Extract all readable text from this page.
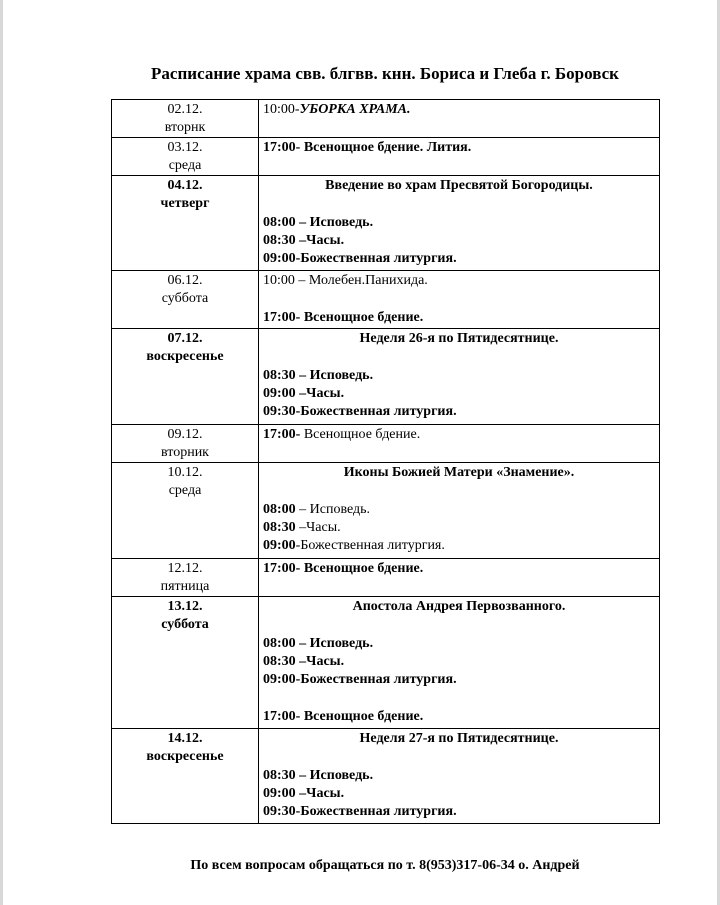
Расписание храма свв. блгвв. кнн. Бориса и Глеба г. Боровск
02.12.
вторнк	10:00-УБОРКА ХРАМА.

03.12.
среда	17:00- Всенощное бдение. Лития.

04.12.
четверг	Введение во храм Пресвятой Богородицы.
08:00 – Исповедь.
08:30 –Часы.
09:00-Божественная литургия.

06.12.
суббота	10:00 – Молебен.Панихида.
17:00- Всенощное бдение.

07.12.
воскресенье	Неделя 26-я по Пятидесятнице.
08:30 – Исповедь.
09:00 –Часы.
09:30-Божественная литургия.

09.12.
вторник	17:00- Всенощное бдение.

10.12.
среда	Иконы Божией Матери «Знамение».
08:00 – Исповедь.
08:30 –Часы.
09:00-Божественная литургия.

12.12.
пятница	17:00- Всенощное бдение.

13.12.
суббота	Апостола Андрея Первозванного.
08:00 – Исповедь.
08:30 –Часы.
09:00-Божественная литургия.
17:00- Всенощное бдение.

14.12.
воскресенье	Неделя 27-я по Пятидесятнице.
08:30 – Исповедь.
09:00 –Часы.
09:30-Божественная литургия.
По всем вопросам обращаться по т. 8(953)317-06-34 о. Андрей
